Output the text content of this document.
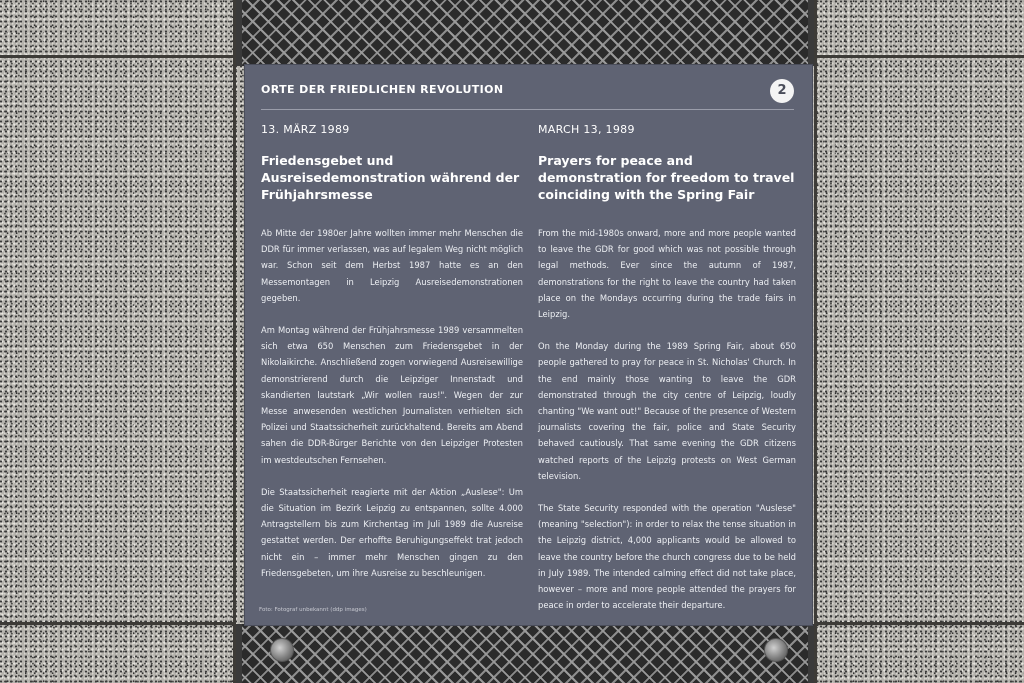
ORTE DER FRIEDLICHEN REVOLUTION	2

13. MÄRZ 1989

Friedensgebet und Ausreisedemonstration während der Frühjahrsmesse

Ab Mitte der 1980er Jahre wollten immer mehr Menschen die DDR für immer verlassen, was auf legalem Weg nicht möglich war. Schon seit dem Herbst 1987 hatte es an den Messemontagen in Leipzig Ausreisedemonstrationen gegeben.

Am Montag während der Frühjahrsmesse 1989 versammelten sich etwa 650 Menschen zum Friedensgebet in der Nikolaikirche. Anschließend zogen vorwiegend Ausreisewillige demonstrierend durch die Leipziger Innenstadt und skandierten lautstark „Wir wollen raus!". Wegen der zur Messe anwesenden westlichen Journalisten verhielten sich Polizei und Staatssicherheit zurückhaltend. Bereits am Abend sahen die DDR-Bürger Berichte von den Leipziger Protesten im westdeutschen Fernsehen.

Die Staatssicherheit reagierte mit der Aktion „Auslese": Um die Situation im Bezirk Leipzig zu entspannen, sollte 4.000 Antragstellern bis zum Kirchentag im Juli 1989 die Ausreise gestattet werden. Der erhoffte Beruhigungseffekt trat jedoch nicht ein – immer mehr Menschen gingen zu den Friedensgebeten, um ihre Ausreise zu beschleunigen.

MARCH 13, 1989

Prayers for peace and demonstration for freedom to travel coinciding with the Spring Fair

From the mid-1980s onward, more and more people wanted to leave the GDR for good which was not possible through legal methods. Ever since the autumn of 1987, demonstrations for the right to leave the country had taken place on the Mondays occurring during the trade fairs in Leipzig.

On the Monday during the 1989 Spring Fair, about 650 people gathered to pray for peace in St. Nicholas' Church. In the end mainly those wanting to leave the GDR demonstrated through the city centre of Leipzig, loudly chanting "We want out!" Because of the presence of Western journalists covering the fair, police and State Security behaved cautiously. That same evening the GDR citizens watched reports of the Leipzig protests on West German television.

The State Security responded with the operation "Auslese" (meaning "selection"): in order to relax the tense situation in the Leipzig district, 4,000 applicants would be allowed to leave the country before the church congress due to be held in July 1989. The intended calming effect did not take place, however – more and more people attended the prayers for peace in order to accelerate their departure.

Foto: Fotograf unbekannt (ddp images)
